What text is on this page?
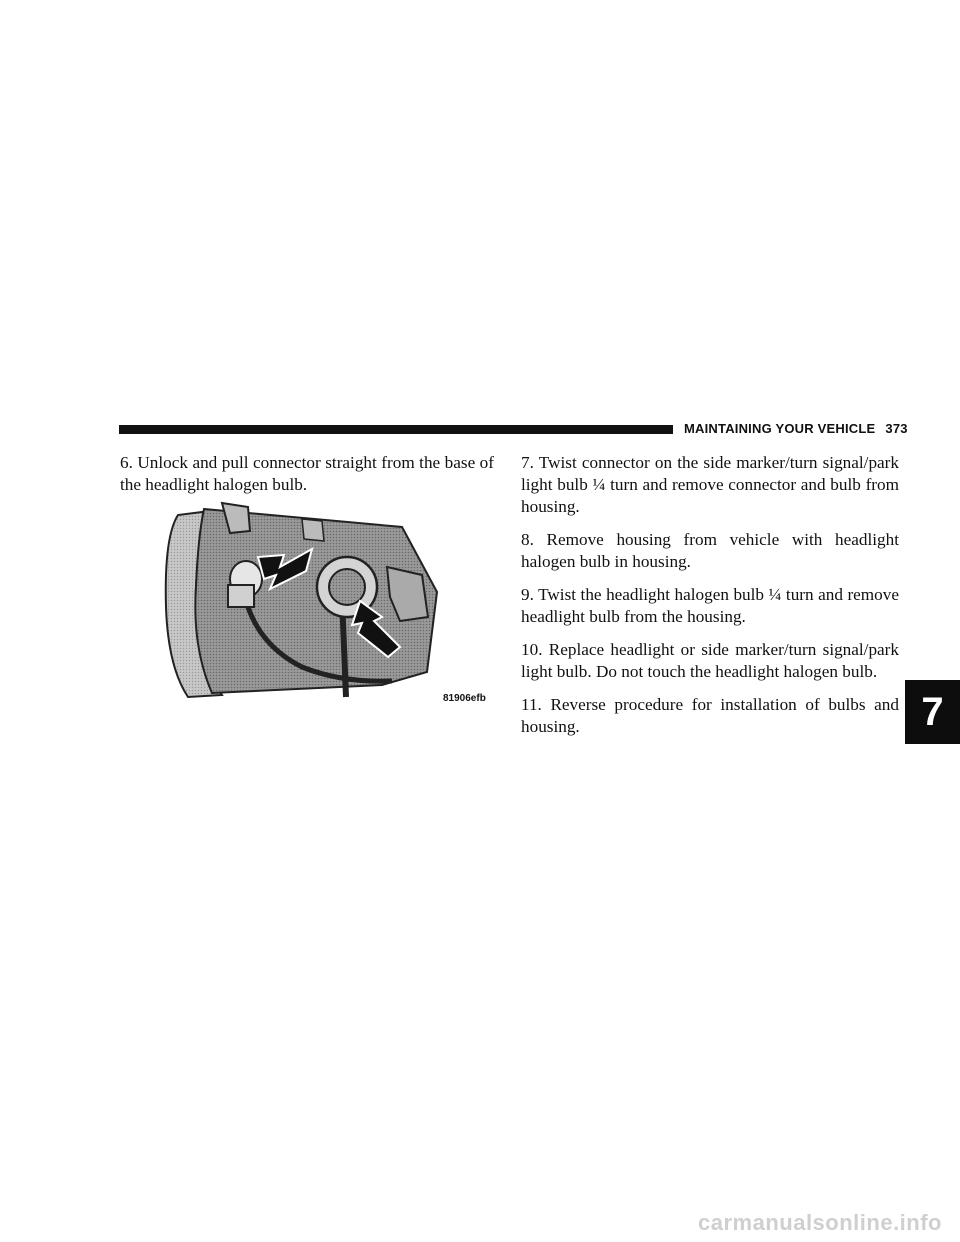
MAINTAINING YOUR VEHICLE 373

6. Unlock and pull connector straight from the base of the headlight halogen bulb.

81906efb

7. Twist connector on the side marker/turn signal/park light bulb ¼ turn and remove connector and bulb from housing.

8. Remove housing from vehicle with headlight halogen bulb in housing.

9. Twist the headlight halogen bulb ¼ turn and remove headlight bulb from the housing.

10. Replace headlight or side marker/turn signal/park light bulb. Do not touch the headlight halogen bulb.

11. Reverse procedure for installation of bulbs and housing.	7
carmanualsonline.info
